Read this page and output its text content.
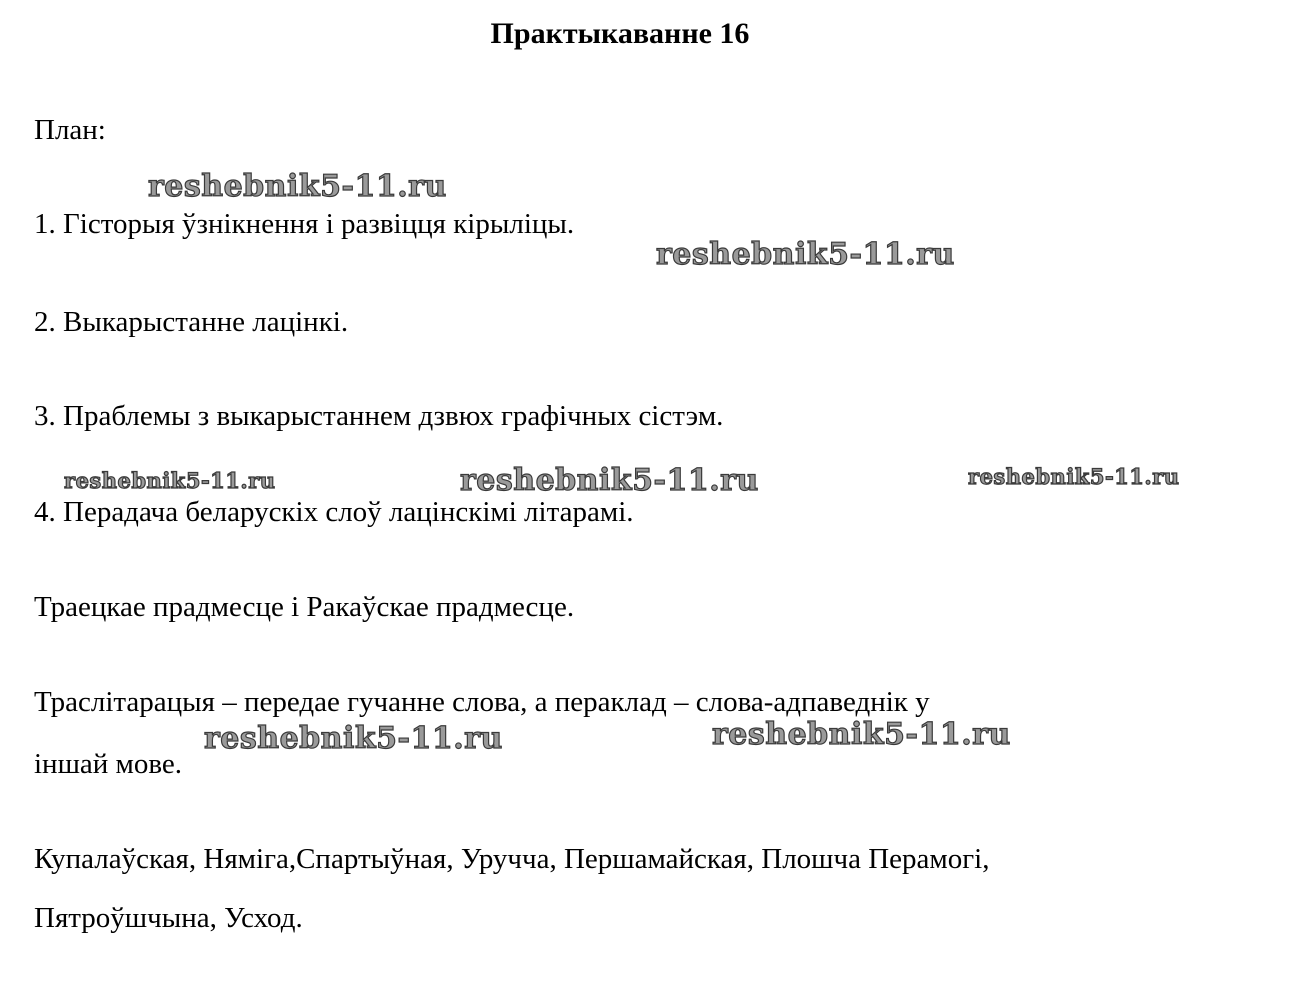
Практыкаванне 16
План:
1. Гісторыя ўзнікнення і развіцця кірыліцы.
2. Выкарыстанне лацінкі.
3. Праблемы з выкарыстаннем дзвюх графічных сістэм.
4. Перадача беларускіх слоў лацінскімі літарамі.
Траецкае прадмесце і Ракаўскае прадмесце.
Трaслітарацыя – передае гучанне слова, а пераклад – слова-адпаведнік у
іншай мове.
Купалаўская, Няміга,Спартыўная, Уручча, Першамайская, Плошча Перамогі,
Пятроўшчына, Усход.
reshebnik5-11.ru
reshebnik5-11.ru
reshebnik5-11.ru	reshebnik5-11.ru	reshebnik5-11.ru
reshebnik5-11.ru	reshebnik5-11.ru
